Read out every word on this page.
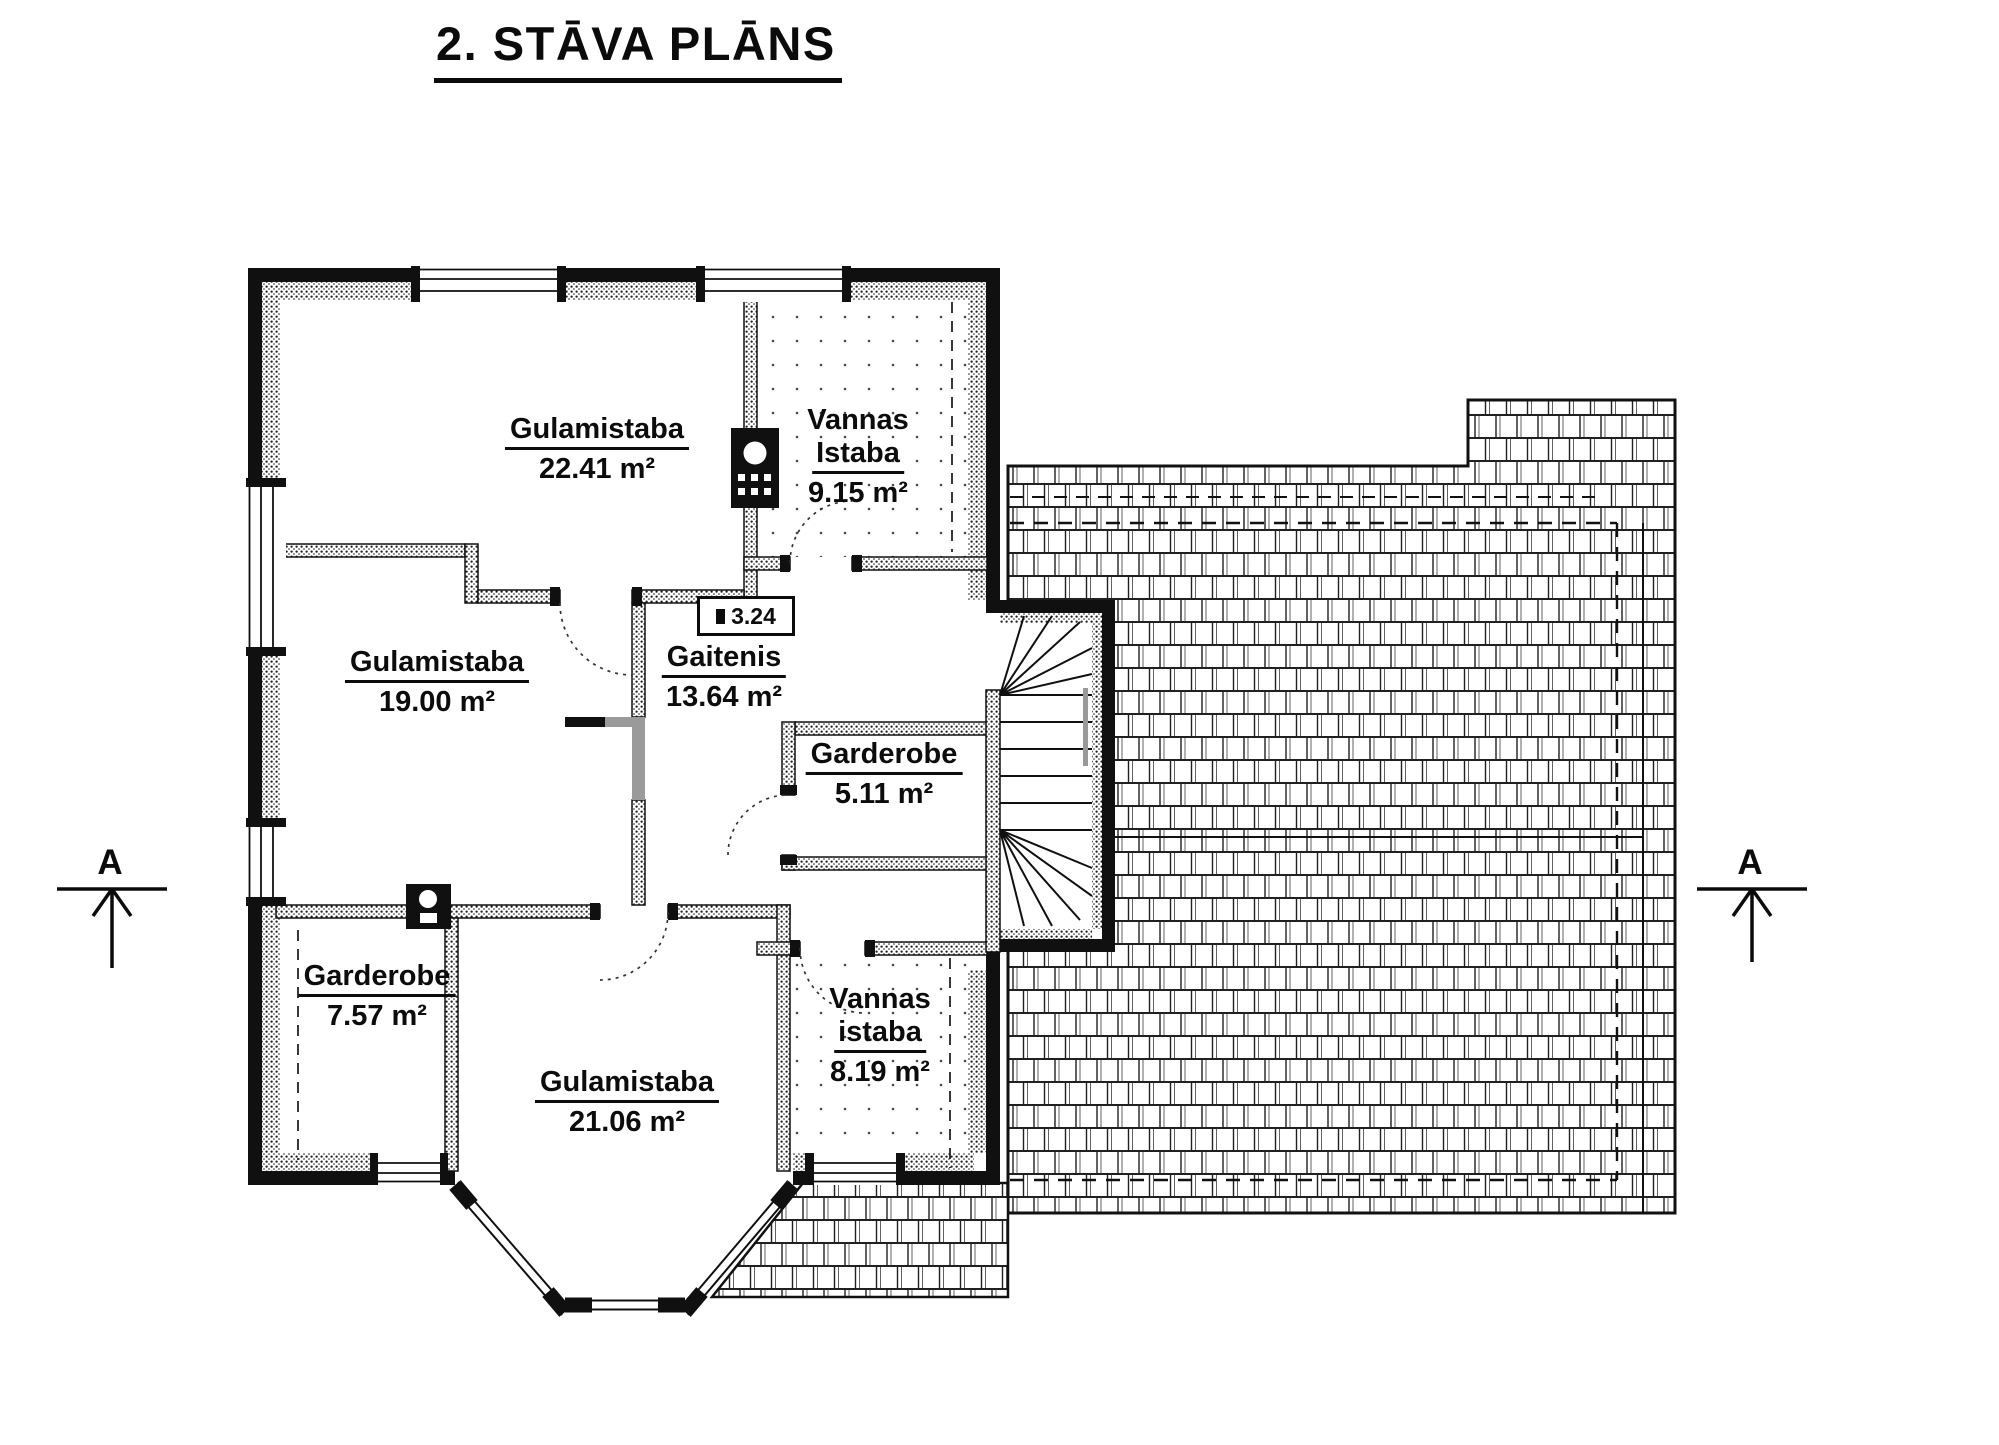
2. STĀVA PLĀNS
Gulamistaba
22.41 m²
Vannas
Istaba
9.15 m²
Gulamistaba
19.00 m²
Gaitenis
13.64 m²
Garderobe
5.11 m²
Garderobe
7.57 m²
Gulamistaba
21.06 m²
Vannas
istaba
8.19 m²
3.24
A	A
